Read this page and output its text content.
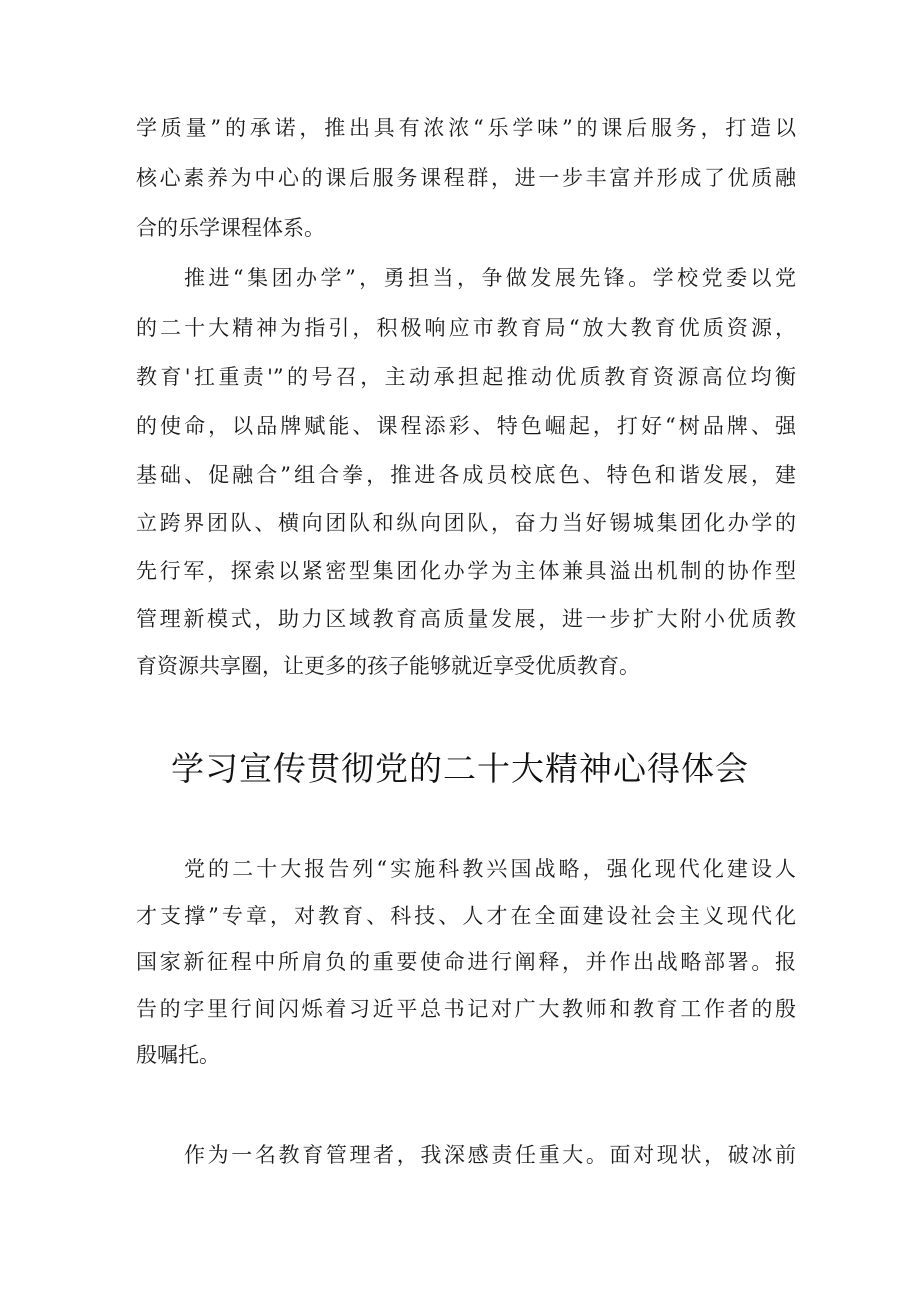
学质量”的承诺，推出具有浓浓“乐学味”的课后服务，打造以
核心素养为中心的课后服务课程群，进一步丰富并形成了优质融
合的乐学课程体系。
推进“集团办学”，勇担当，争做发展先锋。学校党委以党
的二十大精神为指引，积极响应市教育局“放大教育优质资源，
教育'扛重责'”的号召，主动承担起推动优质教育资源高位均衡
的使命，以品牌赋能、课程添彩、特色崛起，打好“树品牌、强
基础、促融合”组合拳，推进各成员校底色、特色和谐发展，建
立跨界团队、横向团队和纵向团队，奋力当好锡城集团化办学的
先行军，探索以紧密型集团化办学为主体兼具溢出机制的协作型
管理新模式，助力区域教育高质量发展，进一步扩大附小优质教
育资源共享圈，让更多的孩子能够就近享受优质教育。
学习宣传贯彻党的二十大精神心得体会
党的二十大报告列“实施科教兴国战略，强化现代化建设人
才支撑”专章，对教育、科技、人才在全面建设社会主义现代化
国家新征程中所肩负的重要使命进行阐释，并作出战略部署。报
告的字里行间闪烁着习近平总书记对广大教师和教育工作者的殷
殷嘱托。
作为一名教育管理者，我深感责任重大。面对现状，破冰前
